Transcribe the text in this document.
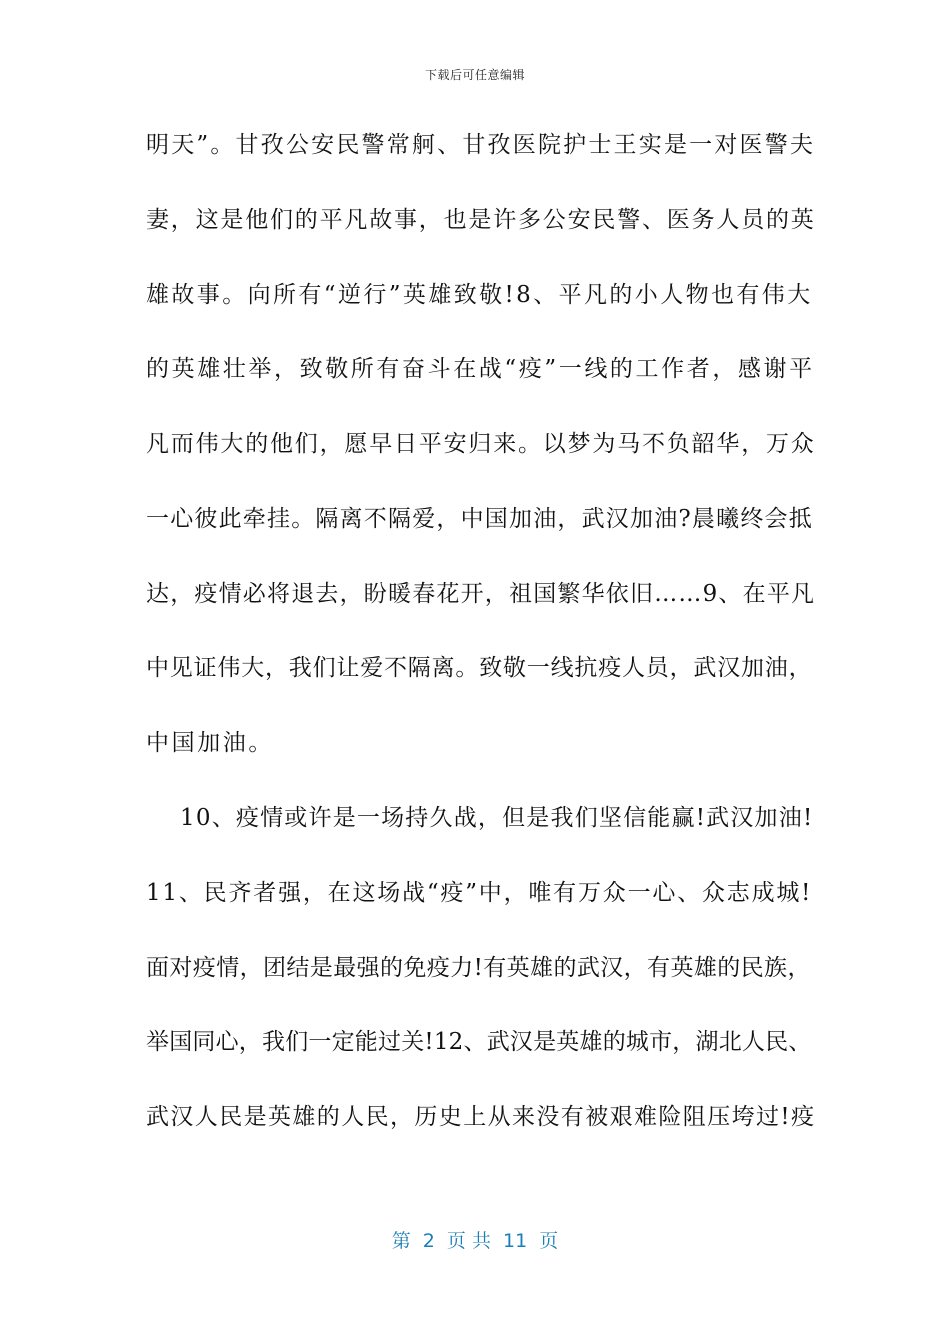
下载后可任意编辑
明天”。甘孜公安民警常舸、甘孜医院护士王实是一对医警夫
妻，这是他们的平凡故事，也是许多公安民警、医务人员的英
雄故事。向所有“逆行”英雄致敬!8、平凡的小人物也有伟大
的英雄壮举，致敬所有奋斗在战“疫”一线的工作者，感谢平
凡而伟大的他们，愿早日平安归来。以梦为马不负韶华，万众
一心彼此牵挂。隔离不隔爱，中国加油，武汉加油?晨曦终会抵
达，疫情必将退去，盼暖春花开，祖国繁华依旧……9、在平凡
中见证伟大，我们让爱不隔离。致敬一线抗疫人员，武汉加油，
中国加油。
10、疫情或许是一场持久战，但是我们坚信能赢!武汉加油!
11、民齐者强，在这场战“疫”中，唯有万众一心、众志成城!
面对疫情，团结是最强的免疫力!有英雄的武汉，有英雄的民族，
举国同心，我们一定能过关!12、武汉是英雄的城市，湖北人民、
武汉人民是英雄的人民，历史上从来没有被艰难险阻压垮过!疫
第  2  页 共  11  页
